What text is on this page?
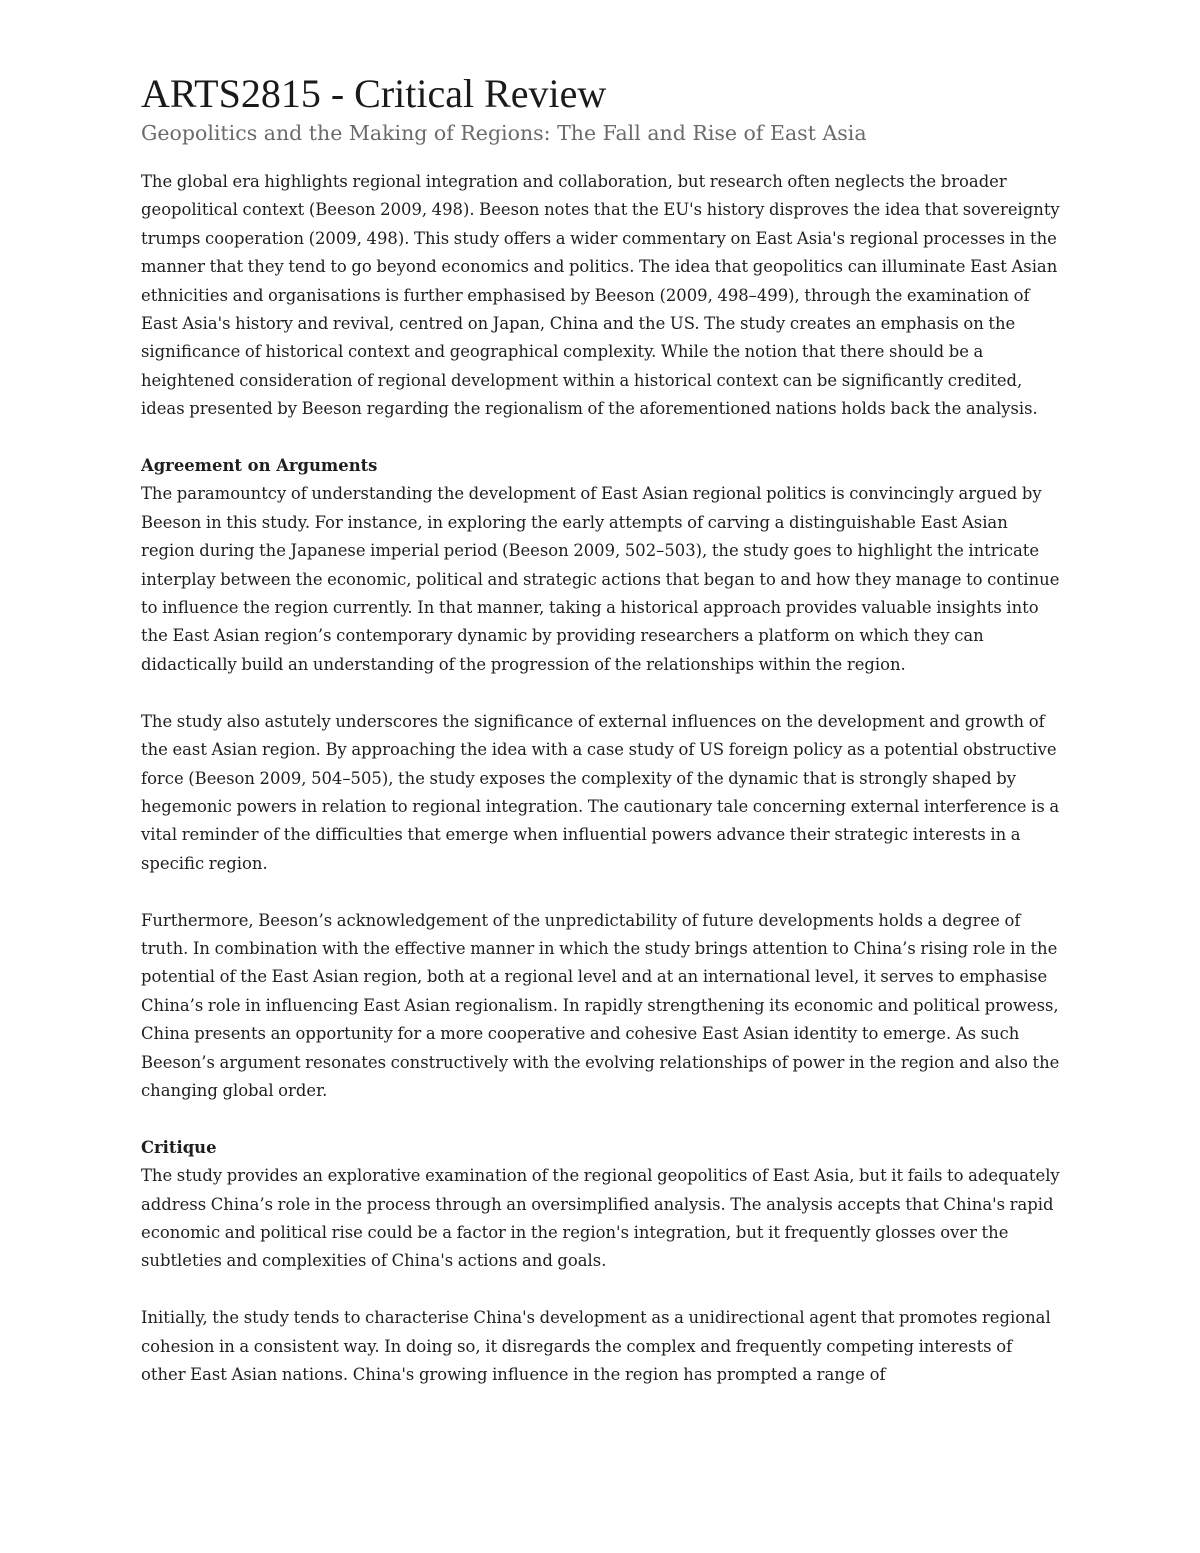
ARTS2815 - Critical Review
Geopolitics and the Making of Regions: The Fall and Rise of East Asia

The global era highlights regional integration and collaboration, but research often neglects the broader geopolitical context (Beeson 2009, 498). Beeson notes that the EU's history disproves the idea that sovereignty trumps cooperation (2009, 498). This study offers a wider commentary on East Asia's regional processes in the manner that they tend to go beyond economics and politics. The idea that geopolitics can illuminate East Asian ethnicities and organisations is further emphasised by Beeson (2009, 498–499), through the examination of East Asia's history and revival, centred on Japan, China and the US. The study creates an emphasis on the significance of historical context and geographical complexity. While the notion that there should be a heightened consideration of regional development within a historical context can be significantly credited, ideas presented by Beeson regarding the regionalism of the aforementioned nations holds back the analysis.

Agreement on Arguments

The paramountcy of understanding the development of East Asian regional politics is convincingly argued by Beeson in this study. For instance, in exploring the early attempts of carving a distinguishable East Asian region during the Japanese imperial period (Beeson 2009, 502–503), the study goes to highlight the intricate interplay between the economic, political and strategic actions that began to and how they manage to continue to influence the region currently. In that manner, taking a historical approach provides valuable insights into the East Asian region’s contemporary dynamic by providing researchers a platform on which they can didactically build an understanding of the progression of the relationships within the region.

The study also astutely underscores the significance of external influences on the development and growth of the east Asian region. By approaching the idea with a case study of US foreign policy as a potential obstructive force (Beeson 2009, 504–505), the study exposes the complexity of the dynamic that is strongly shaped by hegemonic powers in relation to regional integration. The cautionary tale concerning external interference is a vital reminder of the difficulties that emerge when influential powers advance their strategic interests in a specific region.

Furthermore, Beeson’s acknowledgement of the unpredictability of future developments holds a degree of truth. In combination with the effective manner in which the study brings attention to China’s rising role in the potential of the East Asian region, both at a regional level and at an international level, it serves to emphasise China’s role in influencing East Asian regionalism. In rapidly strengthening its economic and political prowess, China presents an opportunity for a more cooperative and cohesive East Asian identity to emerge. As such Beeson’s argument resonates constructively with the evolving relationships of power in the region and also the changing global order.

Critique

The study provides an explorative examination of the regional geopolitics of East Asia, but it fails to adequately address China’s role in the process through an oversimplified analysis. The analysis accepts that China's rapid economic and political rise could be a factor in the region's integration, but it frequently glosses over the subtleties and complexities of China's actions and goals.

Initially, the study tends to characterise China's development as a unidirectional agent that promotes regional cohesion in a consistent way. In doing so, it disregards the complex and frequently competing interests of other East Asian nations. China's growing influence in the region has prompted a range of
